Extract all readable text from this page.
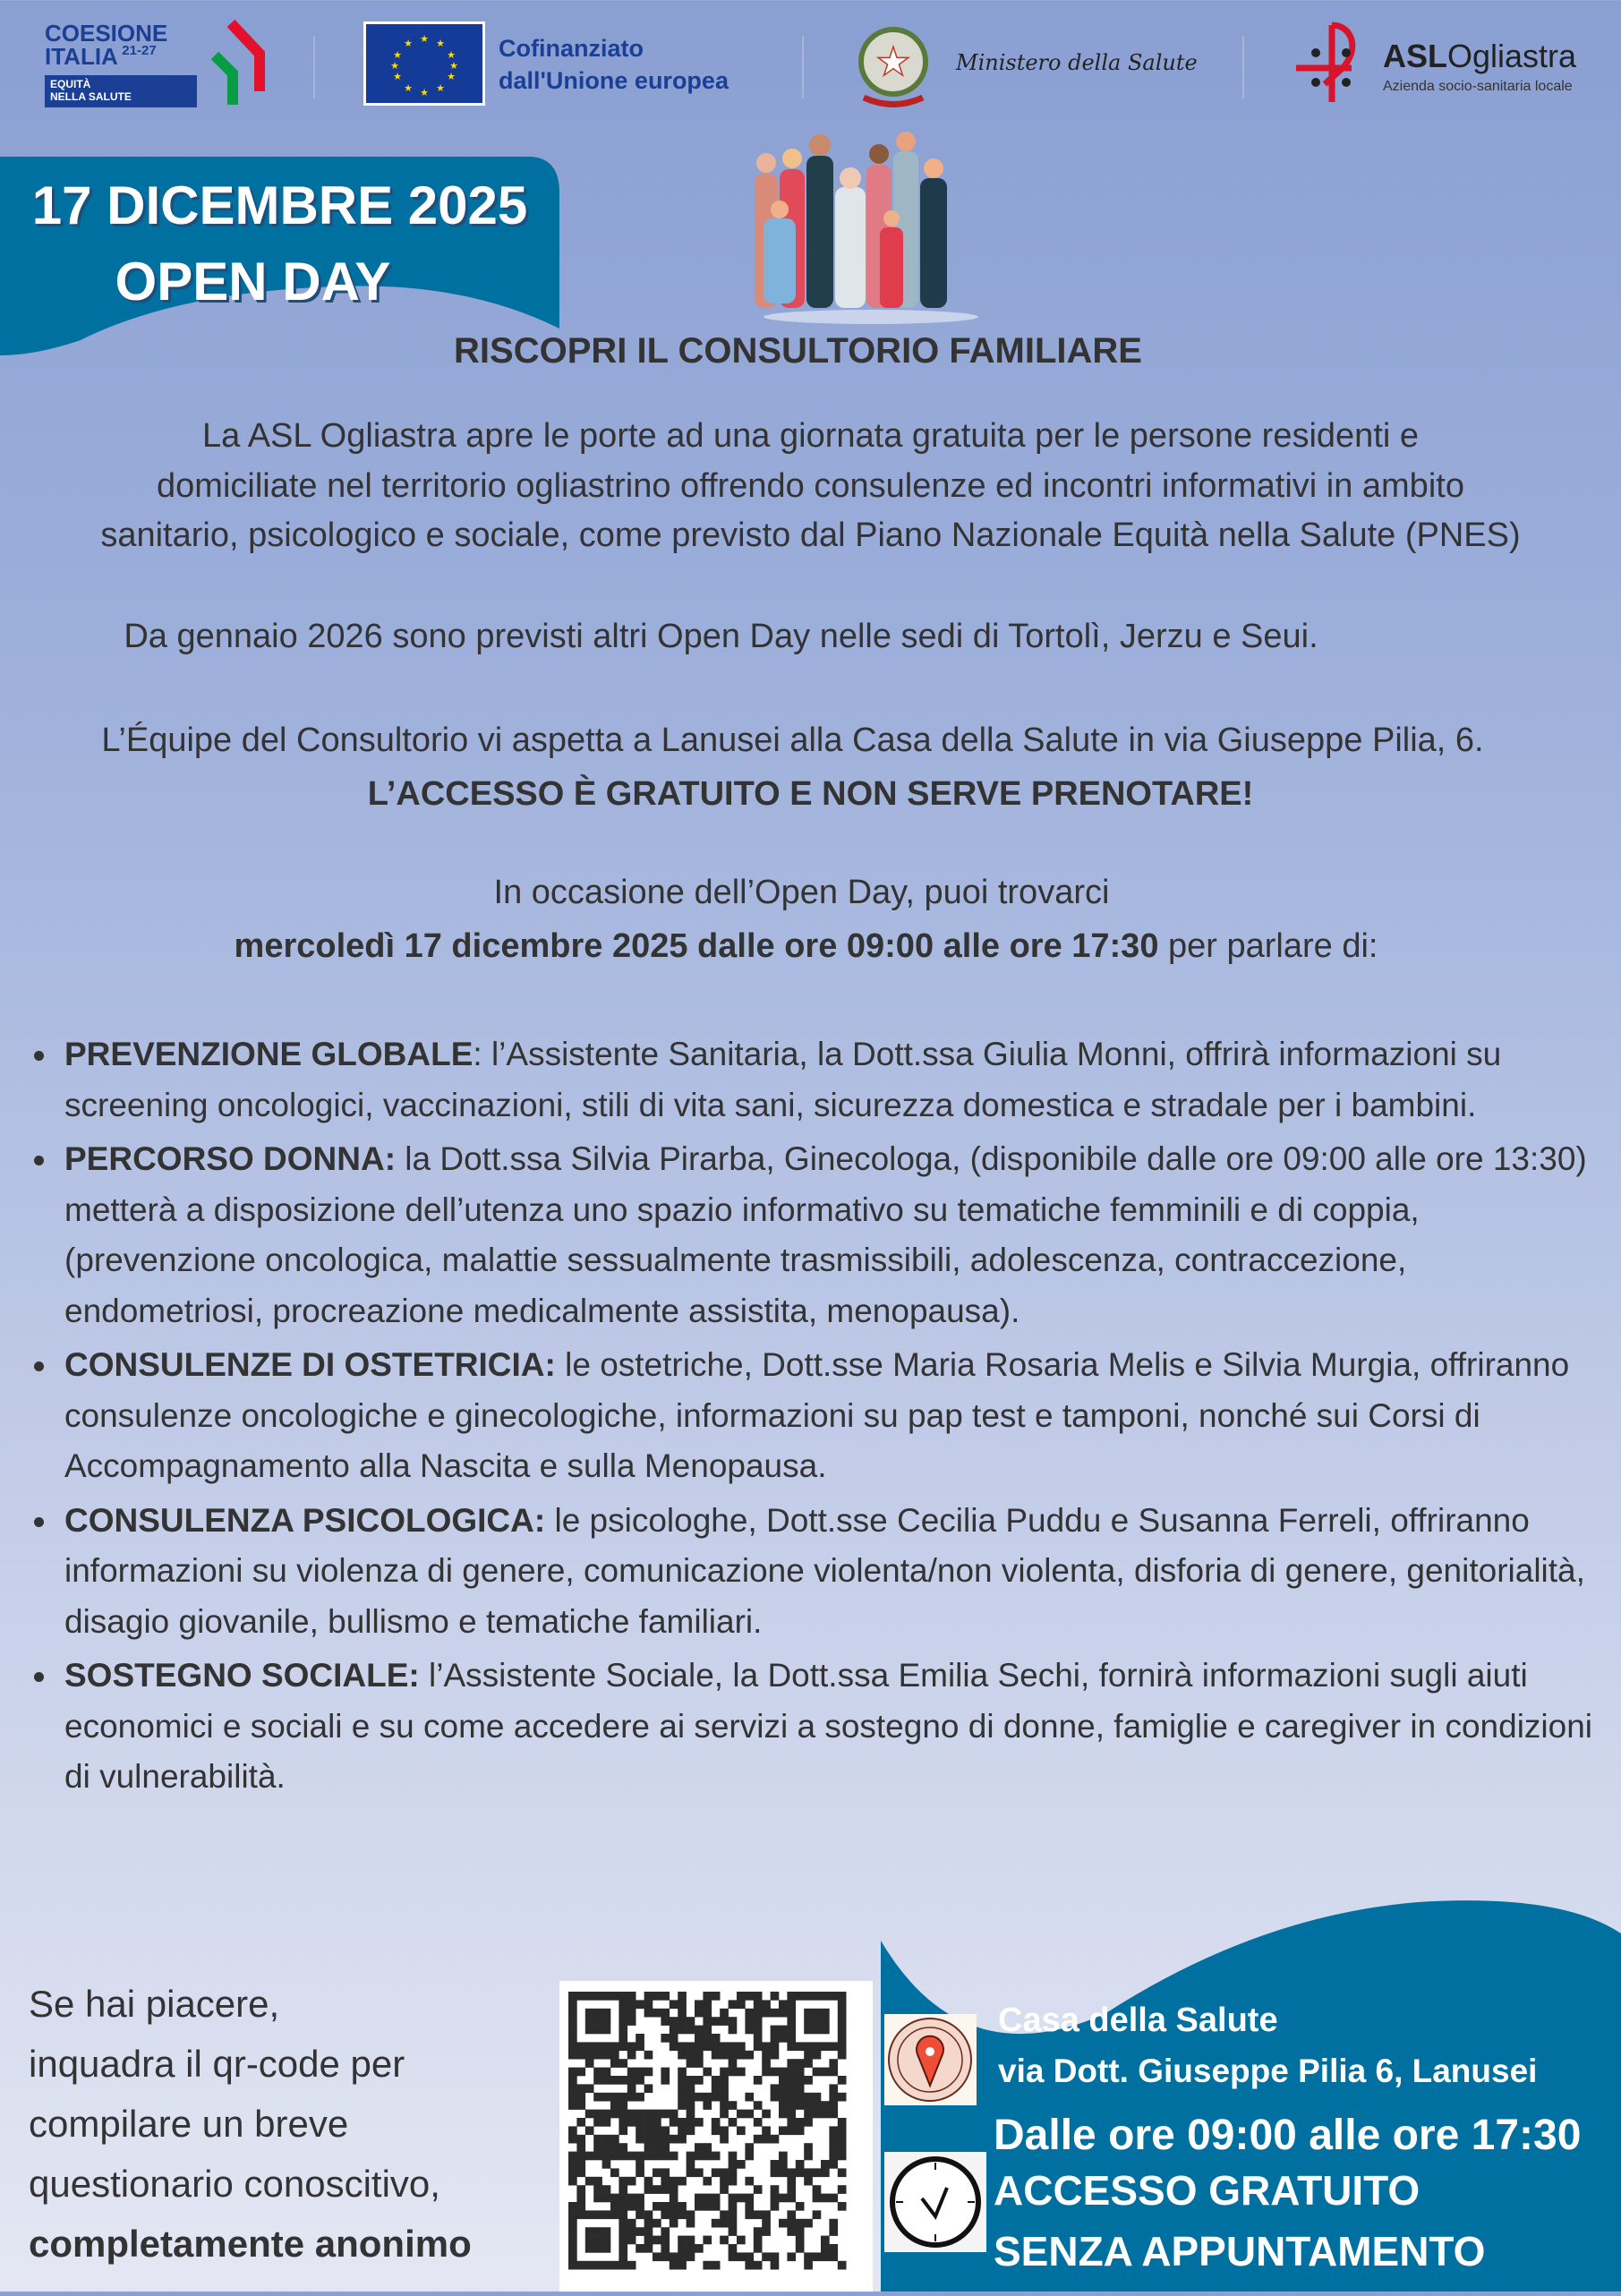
COESIONE
ITALIA 21-27
EQUITÀ
NELLA SALUTE
★ ★
★
★
★
★
★
★
★
★
★
★	Cofinanziato
dall'Unione europea	★ Ministero della Salute	ASLOgliastra
Azienda socio-sanitaria locale
17 DICEMBRE 2025
OPEN DAY
RISCOPRI IL CONSULTORIO FAMILIARE
La ASL Ogliastra apre le porte ad una giornata gratuita per le persone residenti e
domiciliate nel territorio ogliastrino offrendo consulenze ed incontri informativi in ambito
sanitario, psicologico e sociale, come previsto dal Piano Nazionale Equità nella Salute (PNES)
Da gennaio 2026 sono previsti altri Open Day nelle sedi di Tortolì, Jerzu e Seui.
L’Équipe del Consultorio vi aspetta a Lanusei alla Casa della Salute in via Giuseppe Pilia, 6.
L’ACCESSO È GRATUITO E NON SERVE PRENOTARE!
In occasione dell’Open Day, puoi trovarci
mercoledì 17 dicembre 2025 dalle ore 09:00 alle ore 17:30 per parlare di:
PREVENZIONE GLOBALE: l’Assistente Sanitaria, la Dott.ssa Giulia Monni, offrirà informazioni su screening oncologici, vaccinazioni, stili di vita sani, sicurezza domestica e stradale per i bambini.
PERCORSO DONNA: la Dott.ssa Silvia Pirarba, Ginecologa, (disponibile dalle ore 09:00 alle ore 13:30) metterà a disposizione dell’utenza uno spazio informativo su tematiche femminili e di coppia, (prevenzione oncologica, malattie sessualmente trasmissibili, adolescenza, contraccezione, endometriosi, procreazione medicalmente assistita, menopausa).
CONSULENZE DI OSTETRICIA: le ostetriche, Dott.sse Maria Rosaria Melis e Silvia Murgia, offriranno consulenze oncologiche e ginecologiche, informazioni su pap test e tamponi, nonché sui Corsi di Accompagnamento alla Nascita e sulla Menopausa.
CONSULENZA PSICOLOGICA: le psicologhe, Dott.sse Cecilia Puddu e Susanna Ferreli, offriranno informazioni su violenza di genere, comunicazione violenta/non violenta, disforia di genere, genitorialità, disagio giovanile, bullismo e tematiche familiari.
SOSTEGNO SOCIALE: l’Assistente Sociale, la Dott.ssa Emilia Sechi, fornirà informazioni sugli aiuti economici e sociali e su come accedere ai servizi a sostegno di donne, famiglie e caregiver in condizioni di vulnerabilità.
Se hai piacere,
inquadra il qr-code per
compilare un breve
questionario conoscitivo,
completamente anonimo
Casa della Salute
via Dott. Giuseppe Pilia 6, Lanusei
Dalle ore 09:00 alle ore 17:30
ACCESSO GRATUITO
SENZA APPUNTAMENTO
